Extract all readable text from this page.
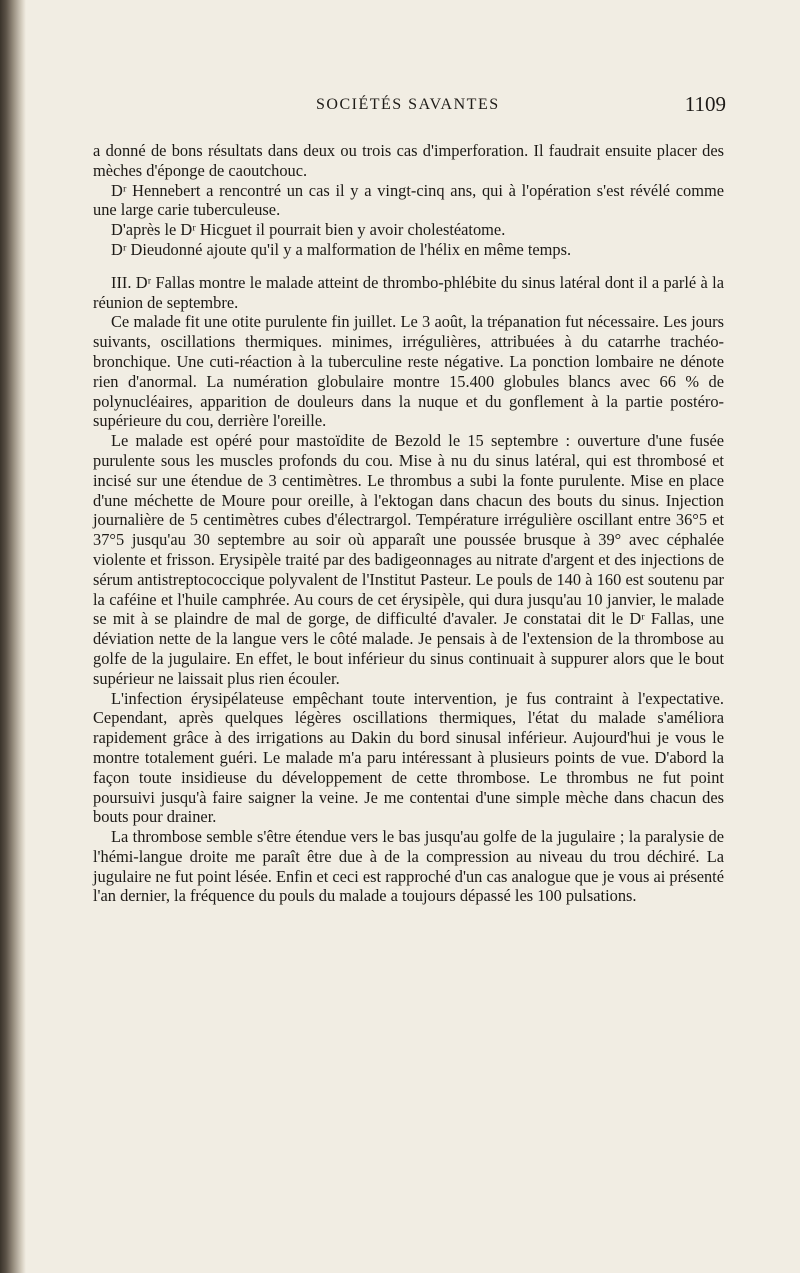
SOCIÉTÉS SAVANTES	1109

a donné de bons résultats dans deux ou trois cas d'imperforation. Il faudrait ensuite placer des mèches d'éponge de caoutchouc.

Dʳ Hennebert a rencontré un cas il y a vingt-cinq ans, qui à l'opération s'est révélé comme une large carie tuberculeuse.

D'après le Dʳ Hicguet il pourrait bien y avoir cholestéatome.

Dʳ Dieudonné ajoute qu'il y a malformation de l'hélix en même temps.

III. Dʳ Fallas montre le malade atteint de thrombo-phlébite du sinus latéral dont il a parlé à la réunion de septembre.

Ce malade fit une otite purulente fin juillet. Le 3 août, la trépanation fut nécessaire. Les jours suivants, oscillations thermiques. minimes, irrégulières, attribuées à du catarrhe trachéo-bronchique. Une cuti-réaction à la tuberculine reste négative. La ponction lombaire ne dénote rien d'anormal. La numération globulaire montre 15.400 globules blancs avec 66 % de polynucléaires, apparition de douleurs dans la nuque et du gonflement à la partie postéro-supérieure du cou, derrière l'oreille.

Le malade est opéré pour mastoïdite de Bezold le 15 septembre : ouverture d'une fusée purulente sous les muscles profonds du cou. Mise à nu du sinus latéral, qui est thrombosé et incisé sur une étendue de 3 centimètres. Le thrombus a subi la fonte purulente. Mise en place d'une méchette de Moure pour oreille, à l'ektogan dans chacun des bouts du sinus. Injection journalière de 5 centimètres cubes d'électrargol. Température irrégulière oscillant entre 36°5 et 37°5 jusqu'au 30 septembre au soir où apparaît une poussée brusque à 39° avec céphalée violente et frisson. Erysipèle traité par des badigeonnages au nitrate d'argent et des injections de sérum antistreptococcique polyvalent de l'Institut Pasteur. Le pouls de 140 à 160 est soutenu par la caféine et l'huile camphrée. Au cours de cet érysipèle, qui dura jusqu'au 10 janvier, le malade se mit à se plaindre de mal de gorge, de difficulté d'avaler. Je constatai dit le Dʳ Fallas, une déviation nette de la langue vers le côté malade. Je pensais à de l'extension de la thrombose au golfe de la jugulaire. En effet, le bout inférieur du sinus continuait à suppurer alors que le bout supérieur ne laissait plus rien écouler.

L'infection érysipélateuse empêchant toute intervention, je fus contraint à l'expectative. Cependant, après quelques légères oscillations thermiques, l'état du malade s'améliora rapidement grâce à des irrigations au Dakin du bord sinusal inférieur. Aujourd'hui je vous le montre totalement guéri. Le malade m'a paru intéressant à plusieurs points de vue. D'abord la façon toute insidieuse du développement de cette thrombose. Le thrombus ne fut point poursuivi jusqu'à faire saigner la veine. Je me contentai d'une simple mèche dans chacun des bouts pour drainer.

La thrombose semble s'être étendue vers le bas jusqu'au golfe de la jugulaire ; la paralysie de l'hémi-langue droite me paraît être due à de la compression au niveau du trou déchiré. La jugulaire ne fut point lésée. Enfin et ceci est rapproché d'un cas analogue que je vous ai présenté l'an dernier, la fréquence du pouls du malade a toujours dépassé les 100 pulsations.
